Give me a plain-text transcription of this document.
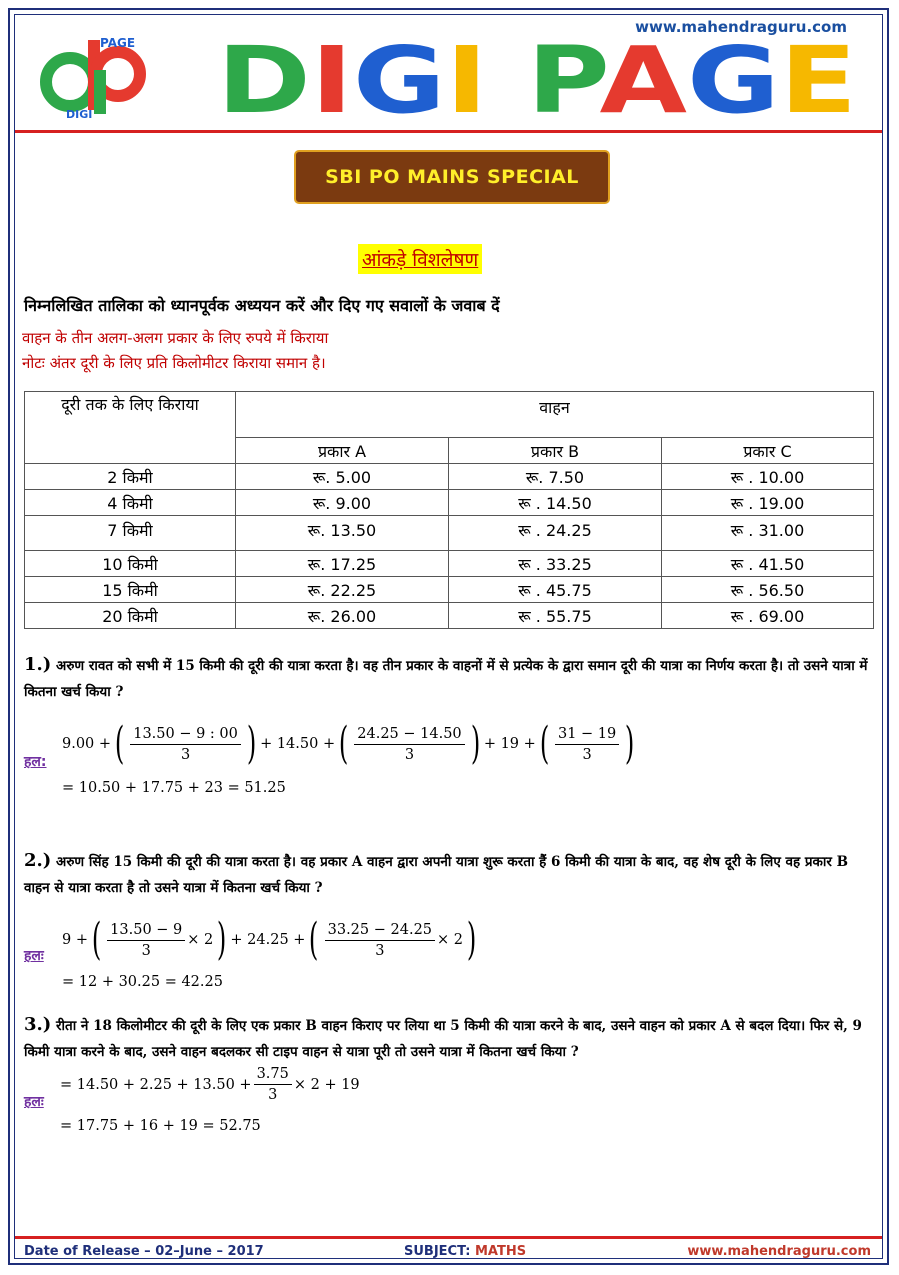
www.mahendraguru.com
PAGE
DIGI D IG I P A G E
SBI PO MAINS SPECIAL
आंकड़े विशलेषण
निम्नलिखित तालिका को ध्यानपूर्वक अध्ययन करें और दिए गए सवालों के जवाब दें
वाहन के तीन अलग-अलग प्रकार के लिए रुपये में किराया
नोटः अंतर दूरी के लिए प्रति किलोमीटर किराया समान है।
दूरी तक के लिए किराया	वाहन		
	प्रकार A	प्रकार B	प्रकार C
2 किमी	रू. 5.00	रू. 7.50	रू . 10.00
4 किमी	रू. 9.00	रू . 14.50	रू . 19.00
7 किमी	रू. 13.50	रू . 24.25	रू . 31.00
10 किमी	रू. 17.25	रू . 33.25	रू . 41.50
15 किमी	रू. 22.25	रू . 45.75	रू . 56.50
20 किमी	रू. 26.00	रू . 55.75	रू . 69.00
1.) अरुण रावत को सभी में 15 किमी की दूरी की यात्रा करता है। वह तीन प्रकार के वाहनों में से प्रत्येक के द्वारा समान दूरी की यात्रा का निर्णय करता है। तो उसने यात्रा में कितना खर्च किया ?
हल:
9.00 + ( $\frac{13.50 - 9 : 00}{3}$ ) + 14.50 + ( $\frac{24.25 - 14.50}{3}$ ) + 19 + ( $\frac{31 - 19}{3}$ )
= 10.50 + 17.75 + 23 = 51.25
2.) अरुण सिंह 15 किमी की दूरी की यात्रा करता है। वह प्रकार A वाहन द्वारा अपनी यात्रा शुरू करता हैं 6 किमी की यात्रा के बाद, वह शेष दूरी के लिए वह प्रकार B वाहन से यात्रा करता है तो उसने यात्रा में कितना खर्च किया ?
हलः
9 + ( $\frac{13.50 - 9}{3} \times 2$ ) + 24.25 + ( $\frac{33.25 - 24.25}{3} \times 2$ )
= 12 + 30.25 = 42.25
3.) रीता ने 18 किलोमीटर की दूरी के लिए एक प्रकार B वाहन किराए पर लिया था 5 किमी की यात्रा करने के बाद, उसने वाहन को प्रकार A से बदल दिया। फिर से, 9 किमी यात्रा करने के बाद, उसने वाहन बदलकर सी टाइप वाहन से यात्रा पूरी तो उसने यात्रा में कितना खर्च किया ?
हलः
= $14.50 + 2.25 + 13.50 + \frac{3.75}{3} \times 2 + 19$
= 17.75 + 16 + 19 = 52.75
Date of Release – 02–June – 2017	SUBJECT: MATHS	www.mahendraguru.com
